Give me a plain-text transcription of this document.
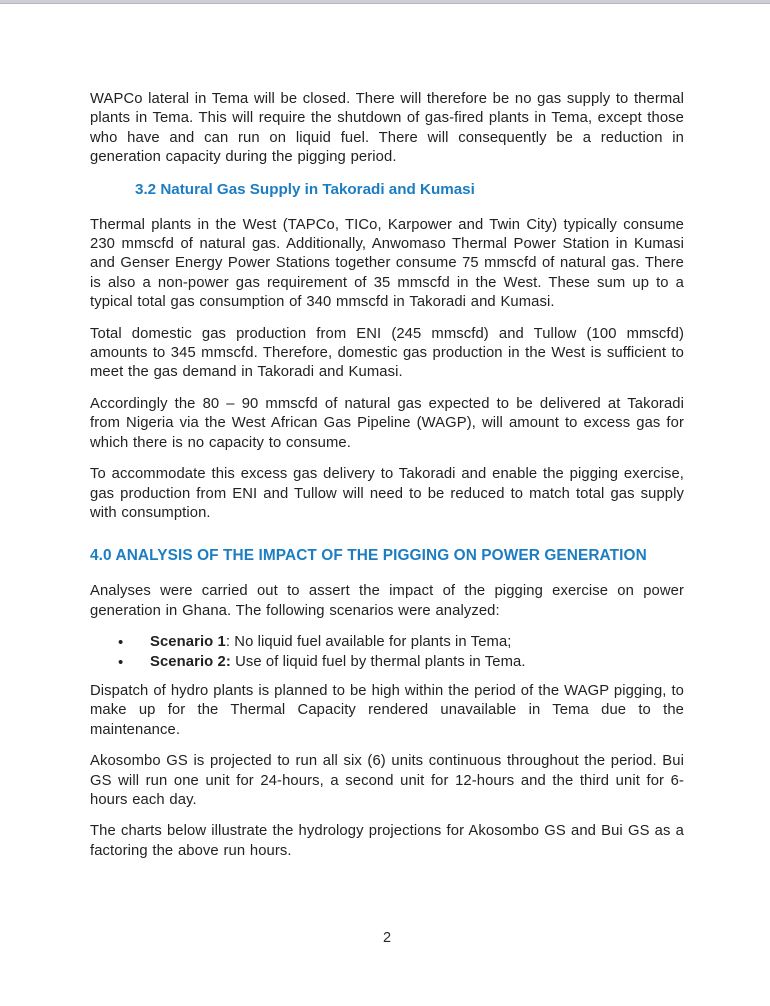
WAPCo lateral in Tema will be closed. There will therefore be no gas supply to thermal plants in Tema. This will require the shutdown of gas-fired plants in Tema, except those who have and can run on liquid fuel. There will consequently be a reduction in generation capacity during the pigging period.

3.2 Natural Gas Supply in Takoradi and Kumasi

Thermal plants in the West (TAPCo, TICo, Karpower and Twin City) typically consume 230 mmscfd of natural gas. Additionally, Anwomaso Thermal Power Station in Kumasi and Genser Energy Power Stations together consume 75 mmscfd of natural gas. There is also a non-power gas requirement of 35 mmscfd in the West. These sum up to a typical total gas consumption of 340 mmscfd in Takoradi and Kumasi.

Total domestic gas production from ENI (245 mmscfd) and Tullow (100 mmscfd) amounts to 345 mmscfd. Therefore, domestic gas production in the West is sufficient to meet the gas demand in Takoradi and Kumasi.

Accordingly the 80 – 90 mmscfd of natural gas expected to be delivered at Takoradi from Nigeria via the West African Gas Pipeline (WAGP), will amount to excess gas for which there is no capacity to consume.

To accommodate this excess gas delivery to Takoradi and enable the pigging exercise, gas production from ENI and Tullow will need to be reduced to match total gas supply with consumption.

4.0 ANALYSIS OF THE IMPACT OF THE PIGGING ON POWER GENERATION

Analyses were carried out to assert the impact of the pigging exercise on power generation in Ghana. The following scenarios were analyzed:

• Scenario 1: No liquid fuel available for plants in Tema;
• Scenario 2: Use of liquid fuel by thermal plants in Tema.

Dispatch of hydro plants is planned to be high within the period of the WAGP pigging, to make up for the Thermal Capacity rendered unavailable in Tema due to the maintenance.

Akosombo GS is projected to run all six (6) units continuous throughout the period. Bui GS will run one unit for 24-hours, a second unit for 12-hours and the third unit for 6-hours each day.

The charts below illustrate the hydrology projections for Akosombo GS and Bui GS as a factoring the above run hours.

2
